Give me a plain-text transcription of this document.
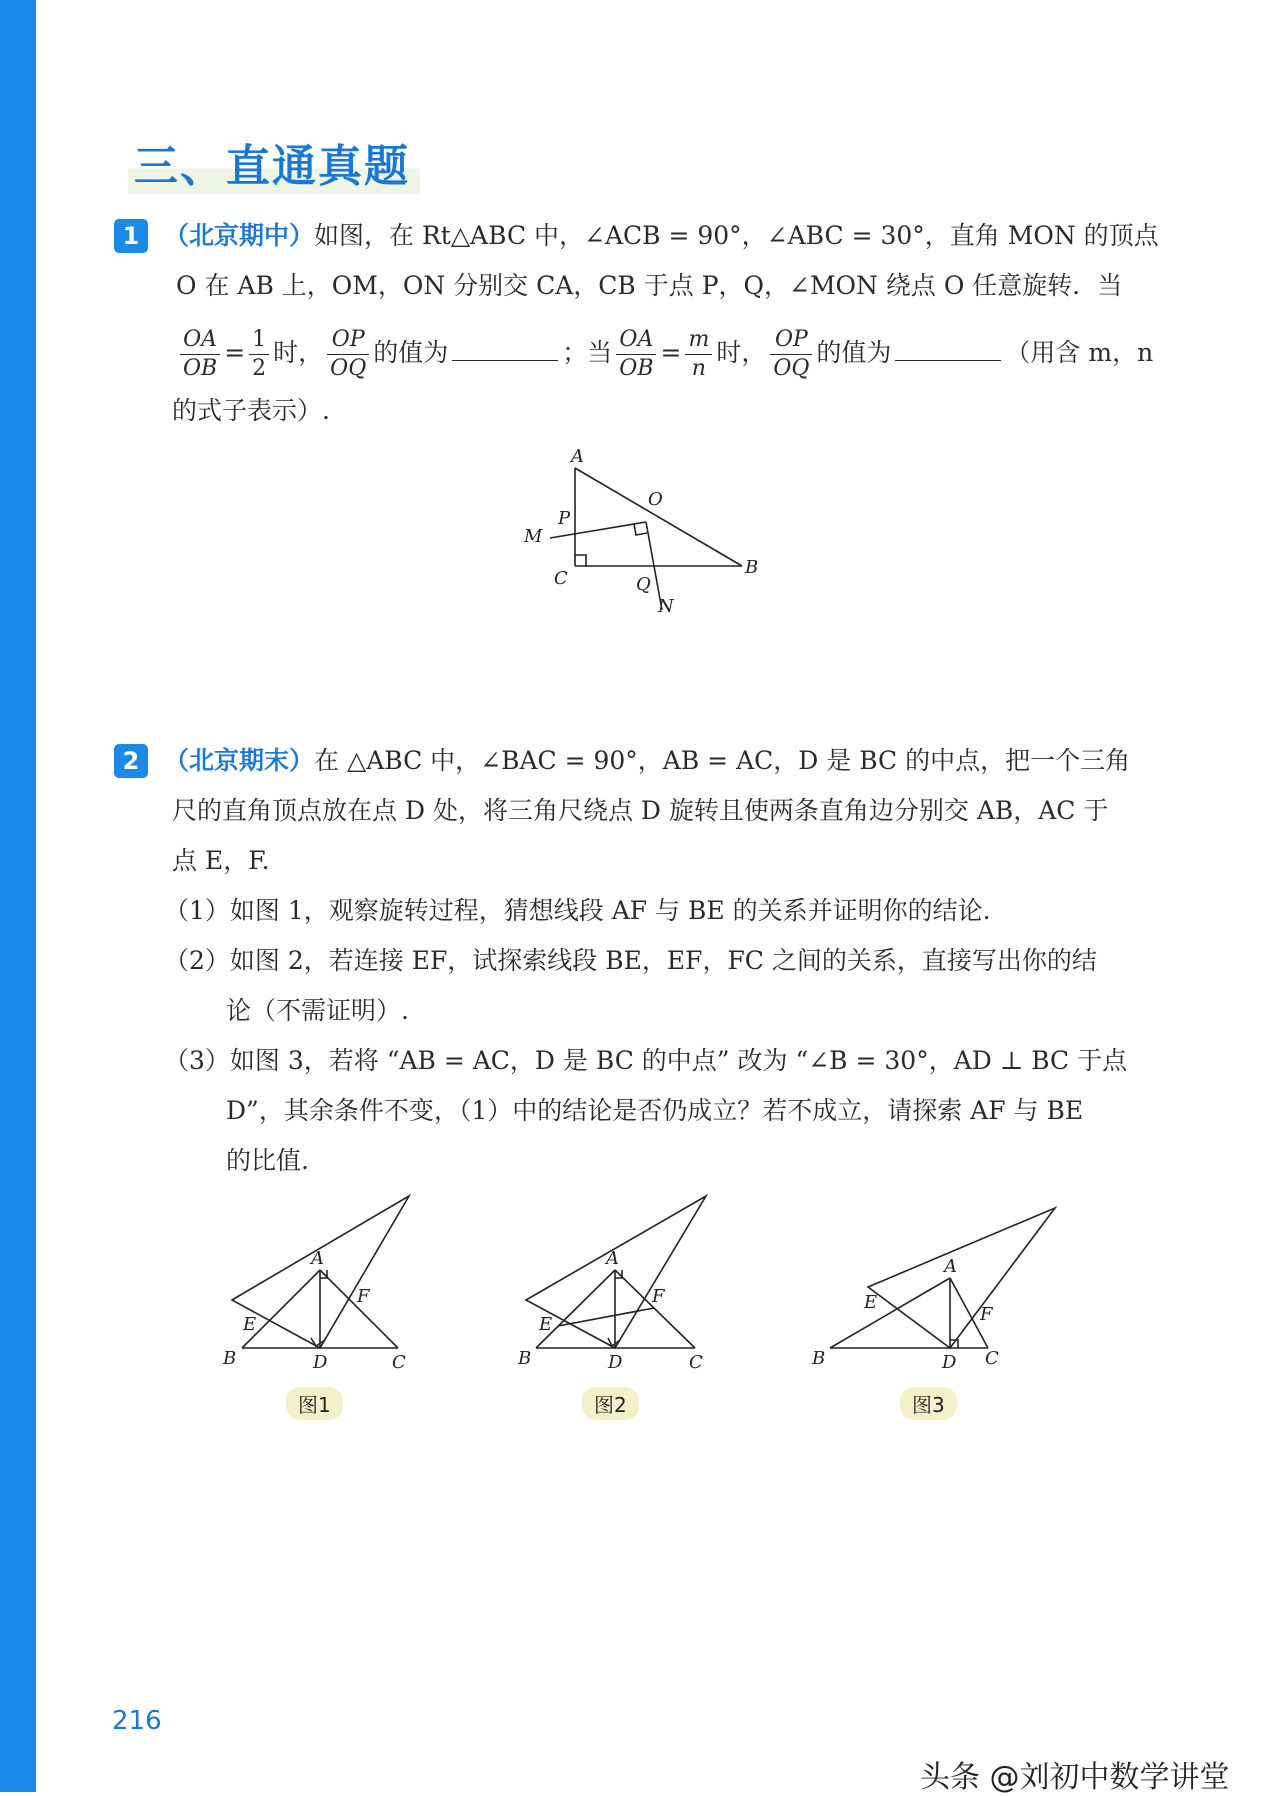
三、直通真题
1 （北京期中）如图，在 Rt△ABC 中，∠ACB = 90°，∠ABC = 30°，直角 MON 的顶点
O 在 AB 上，OM，ON 分别交 CA，CB 于点 P，Q，∠MON 绕点 O 任意旋转．当
$\frac{OA}{OB} = \frac{1}{2}$ 时， $\frac{OP}{OQ}$ 的值为	；当 $\frac{OA}{OB} = \frac{m}{n}$ 时， $\frac{OP}{OQ}$ 的值为	（用含 m，n
的式子表示）.
A
O
P
M
C	Q
B
N
2 （北京期末）在 △ABC 中，∠BAC = 90°，AB = AC，D 是 BC 的中点，把一个三角
尺的直角顶点放在点 D 处，将三角尺绕点 D 旋转且使两条直角边分别交 AB，AC 于
点 E，F.
（1）如图 1，观察旋转过程，猜想线段 AF 与 BE 的关系并证明你的结论.
（2）如图 2，若连接 EF，试探索线段 BE，EF，FC 之间的关系，直接写出你的结
论（不需证明）.
（3）如图 3，若将 “AB = AC，D 是 BC 的中点” 改为 “∠B = 30°，AD ⊥ BC 于点
D”，其余条件不变，（1）中的结论是否仍成立？若不成立，请探索 AF 与 BE
的比值.
A
B	C
D
E
F
图1
A
B	C
D
E
F
图2
A
B	C
D
E
F
图3
216
头条 @刘初中数学讲堂
